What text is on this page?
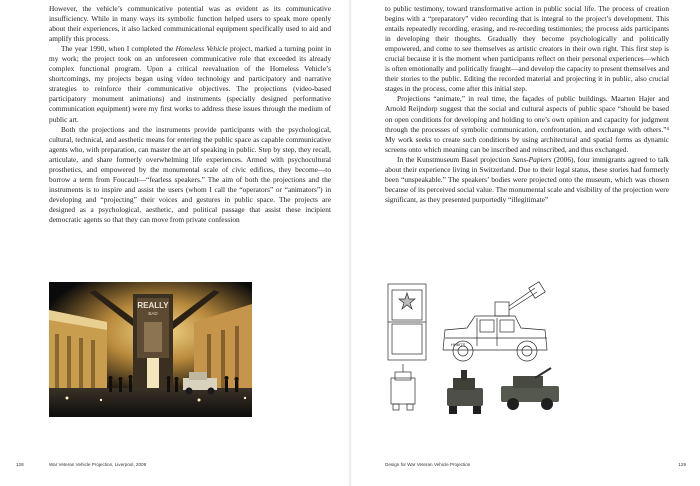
However, the vehicle’s communicative potential was as evident as its communicative insufficiency. While in many ways its symbolic function helped users to speak more openly about their experiences, it also lacked communicational equipment specifically used to aid and amplify this process.

The year 1990, when I completed the Homeless Vehicle project, marked a turning point in my work; the project took on an unforeseen communicative role that exceeded its already complex functional program. Upon a critical reevaluation of the Homeless Vehicle’s shortcomings, my projects began using video technology and participatory and narrative strategies to reinforce their communicative objectives. The projections (video-based participatory monument animations) and instruments (specially designed performative communication equipment) were my first works to address these issues through the medium of public art.

Both the projections and the instruments provide participants with the psychological, cultural, technical, and aesthetic means for entering the public space as capable communicative agents who, with preparation, can master the art of speaking in public. Step by step, they recall, articulate, and share formerly overwhelming life experiences. Armed with psychocultural prosthetics, and empowered by the monumental scale of civic edifices, they become—to borrow a term from Foucault—“fearless speakers.” The aim of both the projections and the instruments is to inspire and assist the users (whom I call the “operators” or “animators”) in developing and “projecting” their voices and gestures in public space. The projects are designed as a psychological, aesthetic, and political passage that assist these incipient democratic agents so that they can move from private confession

REALLY
BAD
128	War Veteran Vehicle Projection, Liverpool, 2008

to public testimony, toward transformative action in public social life. The process of creation begins with a “preparatory” video recording that is integral to the project’s development. This entails repeatedly recording, erasing, and re-recording testimonies; the process aids participants in developing their thoughts. Gradually they become psychologically and politically empowered, and come to see themselves as artistic creators in their own right. This first step is crucial because it is the moment when participants reflect on their personal experiences—which is often emotionally and politically fraught—and develop the capacity to present themselves and their stories to the public. Editing the recorded material and projecting it in public, also crucial stages in the process, come after this initial step.

Projections “animate,” in real time, the façades of public buildings. Maarten Hajer and Arnold Reijndorp suggest that the social and cultural aspects of public space “should be based on open conditions for developing and holding to one’s own opinion and capacity for judgment through the processes of symbolic communication, confrontation, and exchange with others.”⁴ My work seeks to create such conditions by using architectural and spatial forms as dynamic screens onto which meaning can be inscribed and reinscribed, and thus exchanged.

In the Kunstmuseum Basel projection Sans-Papiers (2006), four immigrants agreed to talk about their experience living in Switzerland. Due to their legal status, these stories had formerly been “unspeakable.” The speakers’ bodies were projected onto the museum, which was chosen because of its perceived social value. The monumental scale and visibility of the projection were significant, as they presented purportedly “illegitimate”

HH8ITS
Design for War Veteran Vehicle Projection	129
